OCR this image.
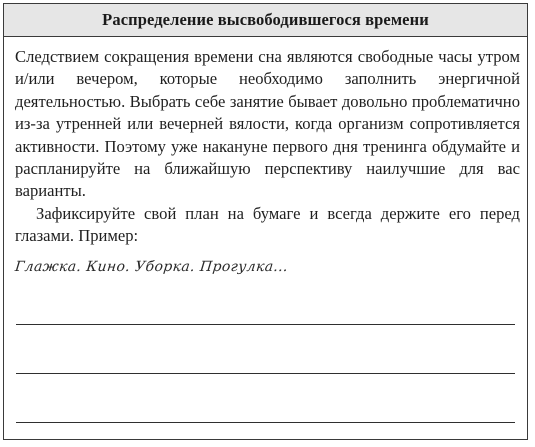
Распределение высвободившегося времени

Следствием сокращения времени сна являются свободные часы утром и/или вечером, которые необходимо заполнить энергичной деятельностью. Выбрать себе занятие бывает довольно проблематично из-за утренней или вечерней вялости, когда организм сопротивляется активности. Поэтому уже накануне первого дня тренинга обдумайте и распланируйте на ближайшую перспективу наилучшие для вас варианты.

Зафиксируйте свой план на бумаге и всегда держите его перед глазами. Пример:

Глажка. Кино. Уборка. Прогулка...
